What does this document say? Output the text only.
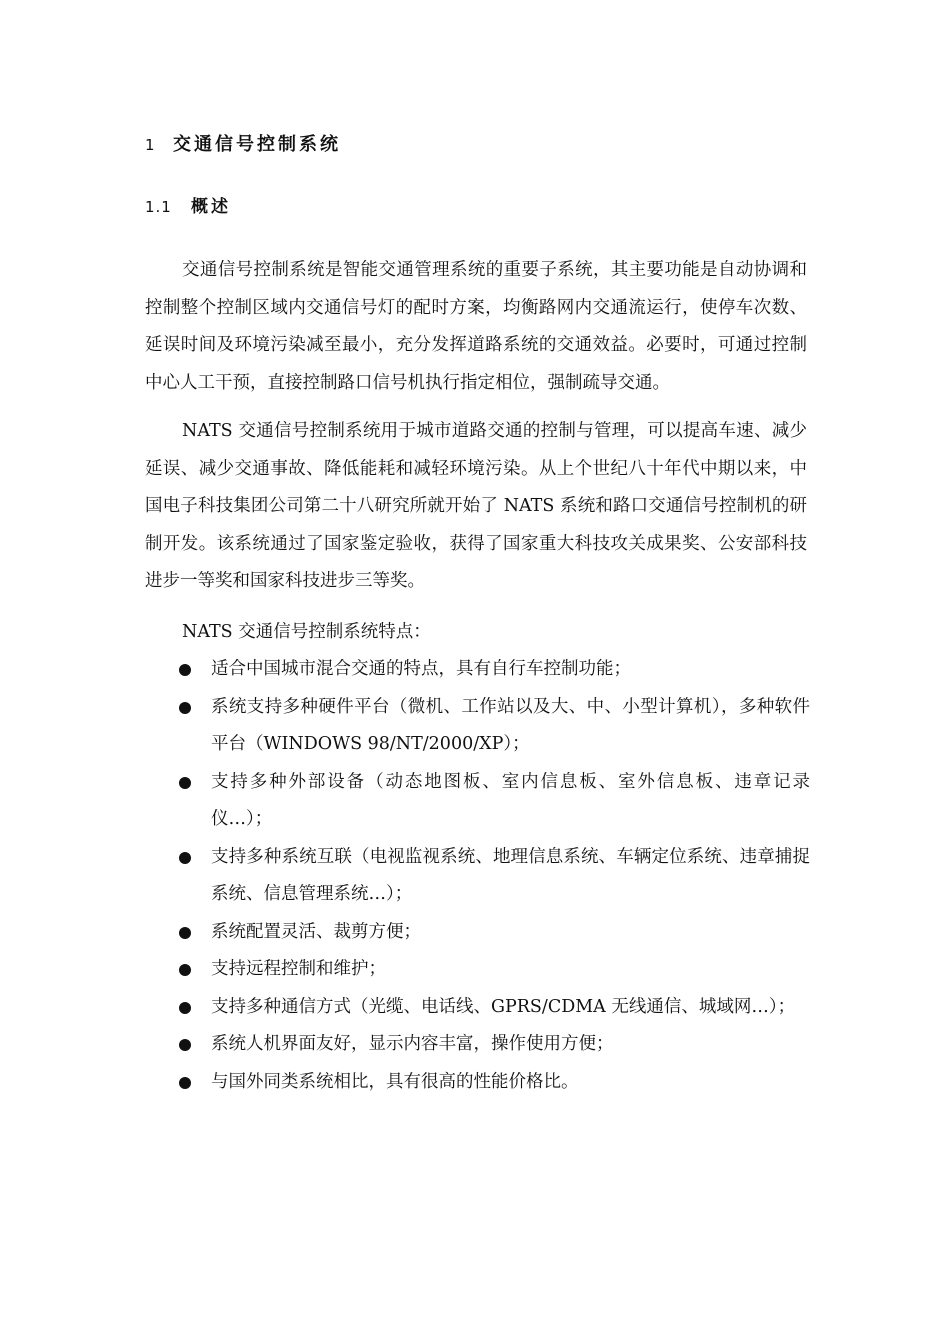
1 交通信号控制系统
1.1 概述

交通信号控制系统是智能交通管理系统的重要子系统，其主要功能是自动协调和控制整个控制区域内交通信号灯的配时方案，均衡路网内交通流运行，使停车次数、延误时间及环境污染减至最小，充分发挥道路系统的交通效益。必要时，可通过控制中心人工干预，直接控制路口信号机执行指定相位，强制疏导交通。

NATS 交通信号控制系统用于城市道路交通的控制与管理，可以提高车速、减少延误、减少交通事故、降低能耗和减轻环境污染。从上个世纪八十年代中期以来，中国电子科技集团公司第二十八研究所就开始了 NATS 系统和路口交通信号控制机的研制开发。该系统通过了国家鉴定验收，获得了国家重大科技攻关成果奖、公安部科技进步一等奖和国家科技进步三等奖。

NATS 交通信号控制系统特点：

适合中国城市混合交通的特点，具有自行车控制功能；
系统支持多种硬件平台（微机、工作站以及大、中、小型计算机），多种软件平台（WINDOWS 98/NT/2000/XP）；
支持多种外部设备（动态地图板、室内信息板、室外信息板、违章记录仪…）；
支持多种系统互联（电视监视系统、地理信息系统、车辆定位系统、违章捕捉系统、信息管理系统…）；
系统配置灵活、裁剪方便；
支持远程控制和维护；
支持多种通信方式（光缆、电话线、GPRS/CDMA 无线通信、城域网…）；
系统人机界面友好，显示内容丰富，操作使用方便；
与国外同类系统相比，具有很高的性能价格比。
